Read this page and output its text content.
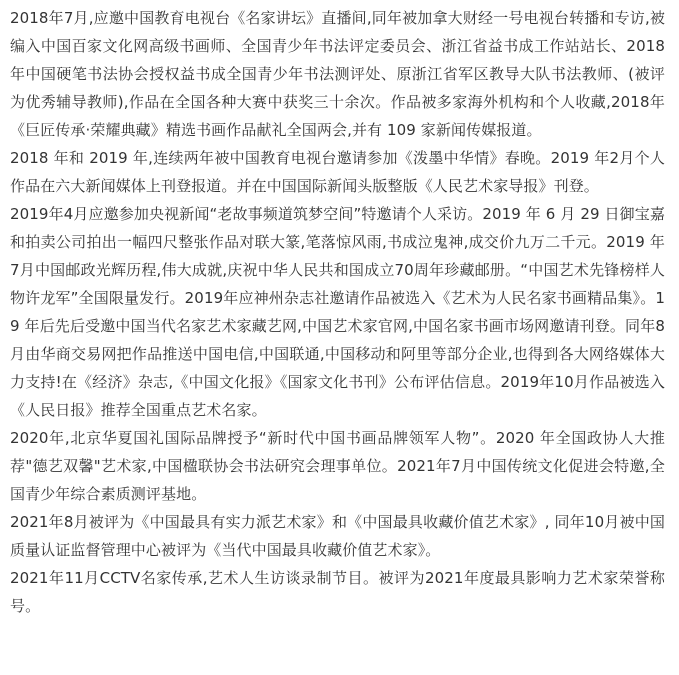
2018年7月,应邀中国教育电视台《名家讲坛》直播间,同年被加拿大财经一号电视台转播和专访,被编入中国百家文化网高级书画师、全国青少年书法评定委员会、浙江省益书成工作站站长、2018 年中国硬笔书法协会授权益书成全国青少年书法测评处、原浙江省军区教导大队书法教师、(被评为优秀辅导教师),作品在全国各种大赛中获奖三十余次。作品被多家海外机构和个人收藏,2018年《巨匠传承·荣耀典藏》精选书画作品献礼全国两会,并有 109 家新闻传媒报道。

2018 年和 2019 年,连续两年被中国教育电视台邀请参加《泼墨中华情》春晚。2019 年2月个人作品在六大新闻媒体上刊登报道。并在中国国际新闻头版整版《人民艺术家导报》刊登。

2019年4月应邀参加央视新闻“老故事频道筑梦空间”特邀请个人采访。2019 年 6 月 29 日御宝嘉和拍卖公司拍出一幅四尺整张作品对联大篆,笔落惊风雨,书成泣鬼神,成交价九万二千元。2019 年7月中国邮政光辉历程,伟大成就,庆祝中华人民共和国成立70周年珍藏邮册。“中国艺术先锋榜样人物许龙军”全国限量发行。2019年应神州杂志社邀请作品被选入《艺术为人民名家书画精品集》。19 年后先后受邀中国当代名家艺术家藏艺网,中国艺术家官网,中国名家书画市场网邀请刊登。同年8月由华商交易网把作品推送中国电信,中国联通,中国移动和阿里等部分企业,也得到各大网络媒体大力支持!在《经济》杂志,《中国文化报》《国家文化书刊》公布评估信息。2019年10月作品被选入《人民日报》推荐全国重点艺术名家。

2020年,北京华夏国礼国际品牌授予“新时代中国书画品牌领军人物”。2020 年全国政协人大推荐"德艺双馨"艺术家,中国楹联协会书法研究会理事单位。2021年7月中国传统文化促进会特邀,全国青少年综合素质测评基地。

2021年8月被评为《中国最具有实力派艺术家》和《中国最具收藏价值艺术家》, 同年10月被中国质量认证监督管理中心被评为《当代中国最具收藏价值艺术家》。

2021年11月CCTV名家传承,艺术人生访谈录制节目。被评为2021年度最具影响力艺术家荣誉称号。
